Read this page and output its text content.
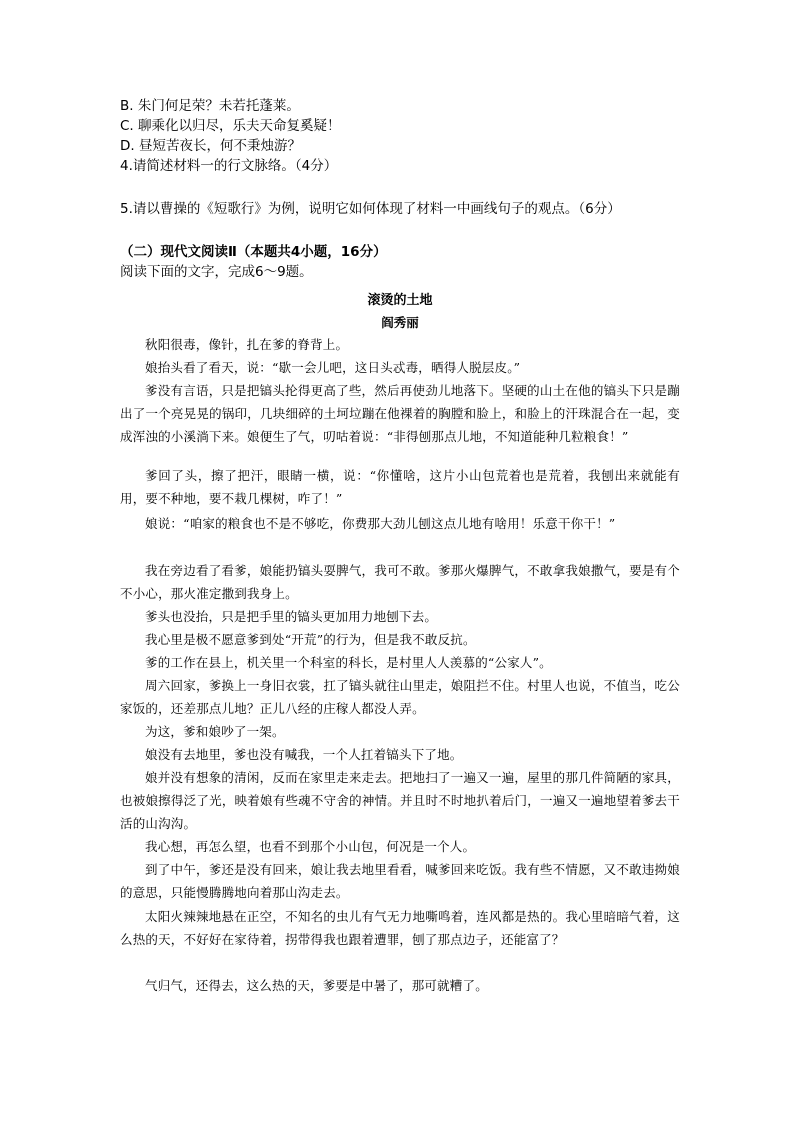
B. 朱门何足荣？未若托蓬莱。
C. 聊乘化以归尽，乐夫天命复奚疑！
D. 昼短苦夜长，何不秉烛游？
4.请简述材料一的行文脉络。（4分）
5.请以曹操的《短歌行》为例，说明它如何体现了材料一中画线句子的观点。（6分）
（二）现代文阅读Ⅱ（本题共4小题，16分）
阅读下面的文字，完成6～9题。
滚烫的土地
阎秀丽
秋阳很毒，像针，扎在爹的脊背上。
娘抬头看了看天，说：“歇一会儿吧，这日头忒毒，晒得人脱层皮。”
爹没有言语，只是把镐头抡得更高了些，然后再使劲儿地落下。坚硬的山土在他的镐头下只是蹦出了一个亮晃晃的锅印，几块细碎的土坷垃蹦在他裸着的胸膛和脸上，和脸上的汗珠混合在一起，变成浑浊的小溪淌下来。娘便生了气，叨咕着说：“非得刨那点儿地，不知道能种几粒粮食！”
爹回了头，擦了把汗，眼睛一横，说：“你懂啥，这片小山包荒着也是荒着，我刨出来就能有用，要不种地，要不栽几棵树，咋了！”
娘说：“咱家的粮食也不是不够吃，你费那大劲儿刨这点儿地有啥用！乐意干你干！”
我在旁边看了看爹，娘能扔镐头耍脾气，我可不敢。爹那火爆脾气，不敢拿我娘撒气，要是有个不小心，那火准定撒到我身上。
爹头也没抬，只是把手里的镐头更加用力地刨下去。
我心里是极不愿意爹到处“开荒”的行为，但是我不敢反抗。
爹的工作在县上，机关里一个科室的科长，是村里人人羡慕的“公家人”。
周六回家，爹换上一身旧衣裳，扛了镐头就往山里走，娘阻拦不住。村里人也说，不值当，吃公家饭的，还差那点儿地？正儿八经的庄稼人都没人弄。
为这，爹和娘吵了一架。
娘没有去地里，爹也没有喊我，一个人扛着镐头下了地。
娘并没有想象的清闲，反而在家里走来走去。把地扫了一遍又一遍，屋里的那几件简陋的家具，也被娘擦得泛了光，映着娘有些魂不守舍的神情。并且时不时地扒着后门，一遍又一遍地望着爹去干活的山沟沟。
我心想，再怎么望，也看不到那个小山包，何况是一个人。
到了中午，爹还是没有回来，娘让我去地里看看，喊爹回来吃饭。我有些不情愿，又不敢违拗娘的意思，只能慢腾腾地向着那山沟走去。
太阳火辣辣地悬在正空，不知名的虫儿有气无力地嘶鸣着，连风都是热的。我心里暗暗气着，这么热的天，不好好在家待着，拐带得我也跟着遭罪，刨了那点边子，还能富了？
气归气，还得去，这么热的天，爹要是中暑了，那可就糟了。
